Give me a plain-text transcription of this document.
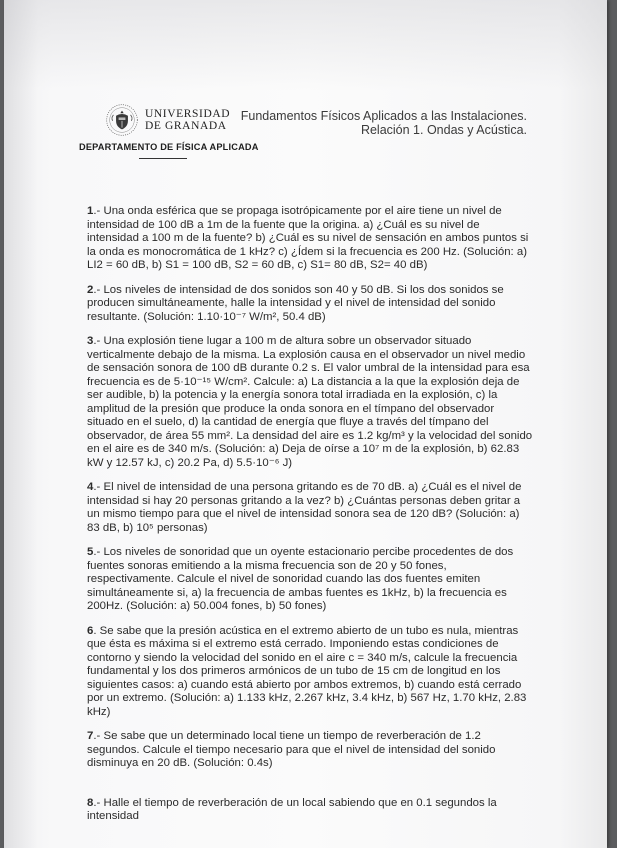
UNIVERSIDAD
DE GRANADA
Fundamentos Físicos Aplicados a las Instalaciones.
Relación 1. Ondas y Acústica.
DEPARTAMENTO DE FÍSICA APLICADA

1.- Una onda esférica que se propaga isotrópicamente por el aire tiene un nivel de intensidad de 100 dB a 1m de la fuente que la origina. a) ¿Cuál es su nivel de intensidad a 100 m de la fuente? b) ¿Cuál es su nivel de sensación en ambos puntos si la onda es monocromática de 1 kHz? c) ¿Ídem si la frecuencia es 200 Hz. (Solución: a) LI2 = 60 dB, b) S1 = 100 dB, S2 = 60 dB, c) S1= 80 dB, S2= 40 dB)

2.- Los niveles de intensidad de dos sonidos son 40 y 50 dB. Si los dos sonidos se producen simultáneamente, halle la intensidad y el nivel de intensidad del sonido resultante. (Solución: 1.10·10⁻⁷ W/m², 50.4 dB)

3.- Una explosión tiene lugar a 100 m de altura sobre un observador situado verticalmente debajo de la misma. La explosión causa en el observador un nivel medio de sensación sonora de 100 dB durante 0.2 s. El valor umbral de la intensidad para esa frecuencia es de 5·10⁻¹⁵ W/cm². Calcule: a) La distancia a la que la explosión deja de ser audible, b) la potencia y la energía sonora total irradiada en la explosión, c) la amplitud de la presión que produce la onda sonora en el tímpano del observador situado en el suelo, d) la cantidad de energía que fluye a través del tímpano del observador, de área 55 mm². La densidad del aire es 1.2 kg/m³ y la velocidad del sonido en el aire es de 340 m/s. (Solución: a) Deja de oírse a 10⁷ m de la explosión, b) 62.83 kW y 12.57 kJ, c) 20.2 Pa, d) 5.5·10⁻⁶ J)

4.- El nivel de intensidad de una persona gritando es de 70 dB. a) ¿Cuál es el nivel de intensidad si hay 20 personas gritando a la vez? b) ¿Cuántas personas deben gritar a un mismo tiempo para que el nivel de intensidad sonora sea de 120 dB? (Solución: a) 83 dB, b) 10⁵ personas)

5.- Los niveles de sonoridad que un oyente estacionario percibe procedentes de dos fuentes sonoras emitiendo a la misma frecuencia son de 20 y 50 fones, respectivamente. Calcule el nivel de sonoridad cuando las dos fuentes emiten simultáneamente si, a) la frecuencia de ambas fuentes es 1kHz, b) la frecuencia es 200Hz. (Solución: a) 50.004 fones, b) 50 fones)

6. Se sabe que la presión acústica en el extremo abierto de un tubo es nula, mientras que ésta es máxima si el extremo está cerrado. Imponiendo estas condiciones de contorno y siendo la velocidad del sonido en el aire c = 340 m/s, calcule la frecuencia fundamental y los dos primeros armónicos de un tubo de 15 cm de longitud en los siguientes casos: a) cuando está abierto por ambos extremos, b) cuando está cerrado por un extremo. (Solución: a) 1.133 kHz, 2.267 kHz, 3.4 kHz, b) 567 Hz, 1.70 kHz, 2.83 kHz)

7.- Se sabe que un determinado local tiene un tiempo de reverberación de 1.2 segundos. Calcule el tiempo necesario para que el nivel de intensidad del sonido disminuya en 20 dB. (Solución: 0.4s)

8.- Halle el tiempo de reverberación de un local sabiendo que en 0.1 segundos la intensidad
